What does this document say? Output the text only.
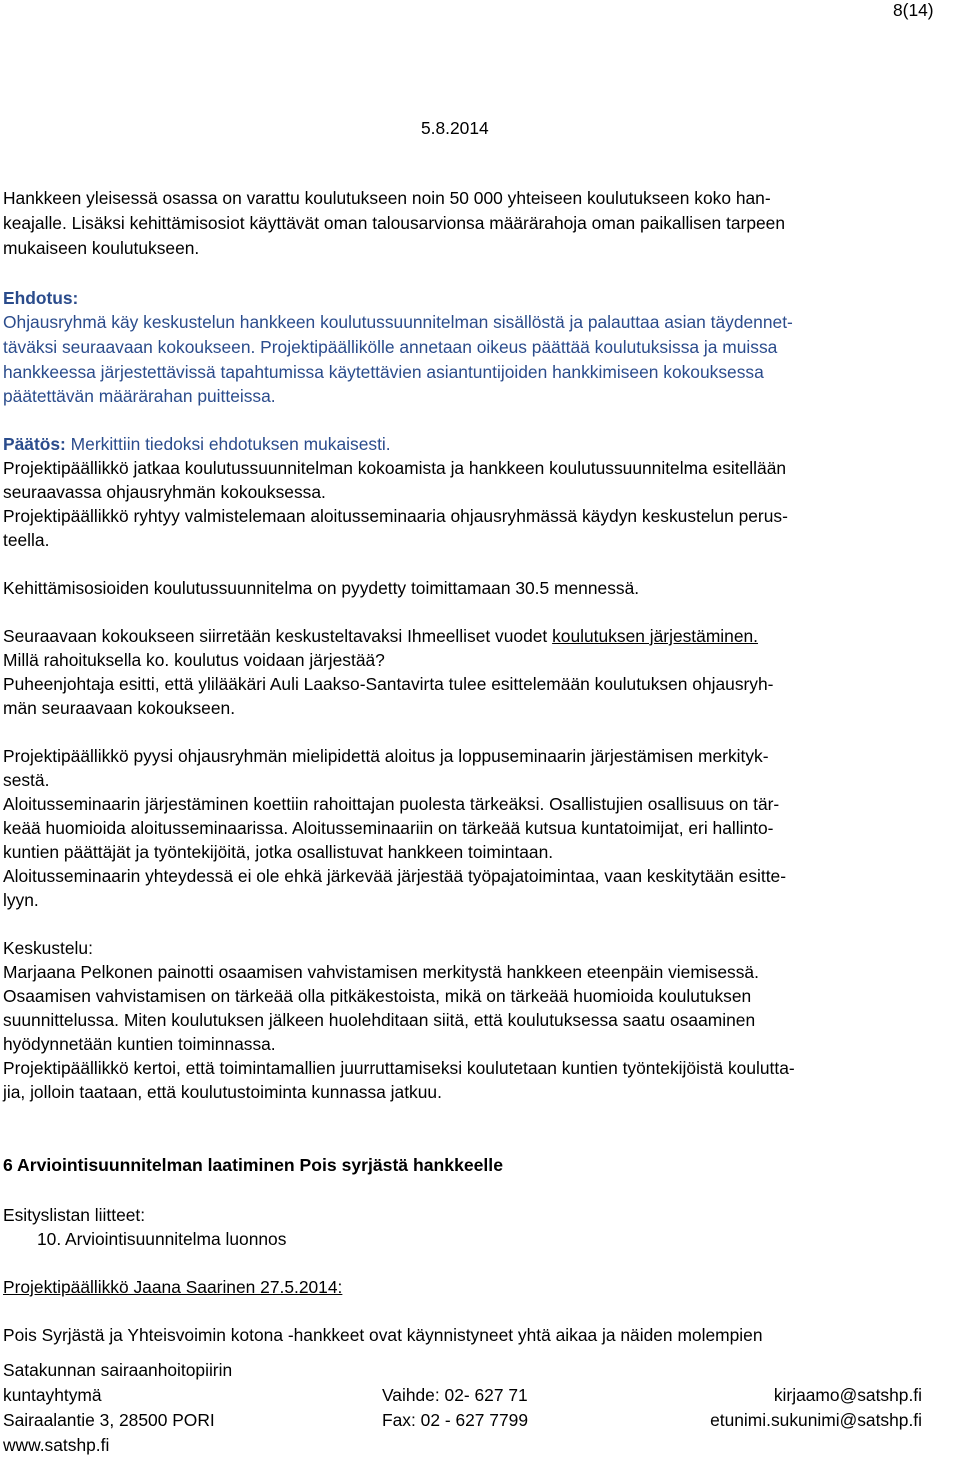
8(14)
5.8.2014
Hankkeen yleisessä osassa on varattu koulutukseen noin 50 000 yhteiseen koulutukseen koko han-
keajalle. Lisäksi kehittämisosiot käyttävät oman talousarvionsa määrärahoja oman paikallisen tarpeen
mukaiseen koulutukseen.
Ehdotus:
Ohjausryhmä käy keskustelun hankkeen koulutussuunnitelman sisällöstä ja palauttaa asian täydennet-
täväksi seuraavaan kokoukseen. Projektipäällikölle annetaan oikeus päättää koulutuksissa ja muissa
hankkeessa järjestettävissä tapahtumissa käytettävien asiantuntijoiden hankkimiseen kokouksessa
päätettävän määrärahan puitteissa.
Päätös: Merkittiin tiedoksi ehdotuksen mukaisesti.
Projektipäällikkö jatkaa koulutussuunnitelman kokoamista ja hankkeen koulutussuunnitelma esitellään
seuraavassa ohjausryhmän kokouksessa.
Projektipäällikkö ryhtyy valmistelemaan aloitusseminaaria ohjausryhmässä käydyn keskustelun perus-
teella.
Kehittämisosioiden koulutussuunnitelma on pyydetty toimittamaan 30.5 mennessä.
Seuraavaan kokoukseen siirretään keskusteltavaksi Ihmeelliset vuodet koulutuksen järjestäminen.
Millä rahoituksella ko. koulutus voidaan järjestää?
Puheenjohtaja esitti, että ylilääkäri Auli Laakso-Santavirta tulee esittelemään koulutuksen ohjausryh-
män seuraavaan kokoukseen.
Projektipäällikkö pyysi ohjausryhmän mielipidettä aloitus ja loppuseminaarin järjestämisen merkityk-
sestä.
Aloitusseminaarin järjestäminen koettiin rahoittajan puolesta tärkeäksi. Osallistujien osallisuus on tär-
keää huomioida aloitusseminaarissa. Aloitusseminaariin on tärkeää kutsua kuntatoimijat, eri hallinto-
kuntien päättäjät ja työntekijöitä, jotka osallistuvat hankkeen toimintaan.
Aloitusseminaarin yhteydessä ei ole ehkä järkevää järjestää työpajatoimintaa, vaan keskitytään esitte-
lyyn.
Keskustelu:
Marjaana Pelkonen painotti osaamisen vahvistamisen merkitystä hankkeen eteenpäin viemisessä.
Osaamisen vahvistamisen on tärkeää olla pitkäkestoista, mikä on tärkeää huomioida koulutuksen
suunnittelussa. Miten koulutuksen jälkeen huolehditaan siitä, että koulutuksessa saatu osaaminen
hyödynnetään kuntien toiminnassa.
Projektipäällikkö kertoi, että toimintamallien juurruttamiseksi koulutetaan kuntien työntekijöistä koulutta-
jia, jolloin taataan, että koulutustoiminta kunnassa jatkuu.
6 Arviointisuunnitelman laatiminen Pois syrjästä hankkeelle
Esityslistan liitteet:
10. Arviointisuunnitelma luonnos
Projektipäällikkö Jaana Saarinen 27.5.2014:
Pois Syrjästä ja Yhteisvoimin kotona -hankkeet ovat käynnistyneet yhtä aikaa ja näiden molempien
Satakunnan sairaanhoitopiirin
kuntayhtymä
Sairaalantie 3, 28500 PORI
www.satshp.fi
Vaihde: 02- 627 71
Fax: 02 - 627 7799
kirjaamo@satshp.fi
etunimi.sukunimi@satshp.fi
